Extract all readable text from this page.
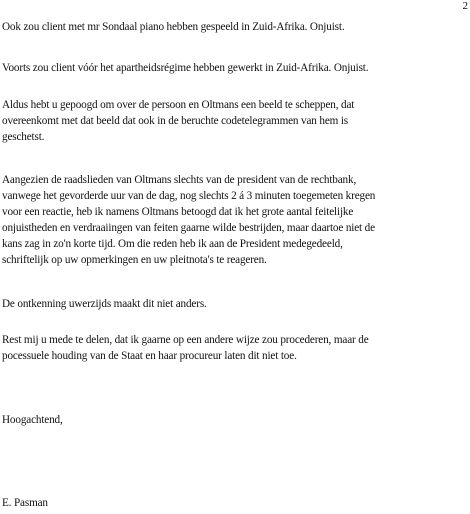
2

Ook zou client met mr Sondaal piano hebben gespeeld in Zuid-Afrika. Onjuist.

Voorts zou client vóór het apartheidsrégime hebben gewerkt in Zuid-Afrika. Onjuist.

Aldus hebt u gepoogd om over de persoon en Oltmans een beeld te scheppen, dat
overeenkomt met dat beeld dat ook in de beruchte codetelegrammen van hem is
geschetst.

Aangezien de raadslieden van Oltmans slechts van de president van de rechtbank,
vanwege het gevorderde uur van de dag, nog slechts 2 á 3 minuten toegemeten kregen
voor een reactie, heb ik namens Oltmans betoogd dat ik het grote aantal feitelijke
onjuistheden en verdraaiingen van feiten gaarne wilde bestrijden, maar daartoe niet de
kans zag in zo'n korte tijd. Om die reden heb ik aan de President medegedeeld,
schriftelijk op uw opmerkingen en uw pleitnota's te reageren.

De ontkenning uwerzijds maakt dit niet anders.

Rest mij u mede te delen, dat ik gaarne op een andere wijze zou procederen, maar de
pocessuele houding van de Staat en haar procureur laten dit niet toe.

Hoogachtend,

E. Pasman
